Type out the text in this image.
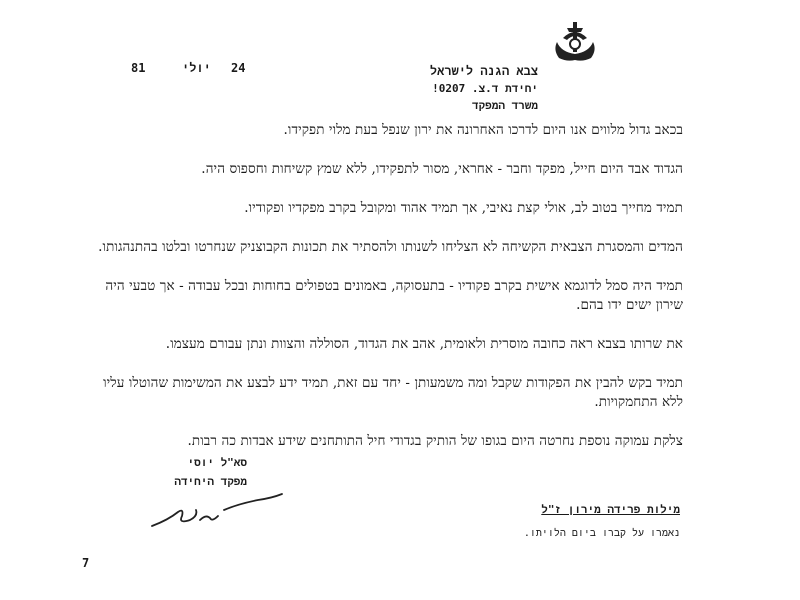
24
יולי
81	צבא הגנה לישראל
יחידת ד.צ. 0207!
משרד המפקד

בכאב גדול מלווים אנו היום לדרכו האחרונה את ירון שנפל בעת מלוי תפקידו.

הגדוד אבד היום חייל, מפקד וחבר - אחראי, מסור לתפקידו, ללא שמץ קשיחות וחספוס היה.

תמיד מחייך בטוב לב, אולי קצת נאיבי, אך תמיד אהוד ומקובל בקרב מפקדיו ופקודיו.

המדים והמסגרת הצבאית הקשיחה לא הצליחו לשנותו ולהסתיר את תכונות הקבוצניק שנחרטו ובלטו בהתנהגותו.

תמיד היה סמל לדוגמא אישית בקרב פקודיו - בתעסוקה, באמונים בטפולים בחוחות ובכל עבודה - אך טבעי היה שירון ישים ידו בהם.

את שרותו בצבא ראה כחובה מוסרית ולאומית, אהב את הגדוד, הסוללה והצוות ונתן עבורם מעצמו.

תמיד בקש להבין את הפקודות שקבל ומה משמעותן - יחד עם זאת, תמיד ידע לבצע את המשימות שהוטלו עליו ללא התחמקויות.

צלקת עמוקה נוספת נחרטה היום בגופו של הותיק בגדודי חיל התותחנים שידע אבדות כה רבות.

סא"ל יוסי
מפקד היחידה
מילות פרידה מירון ז"ל
נאמרו על קברו ביום הלויתו.
7
